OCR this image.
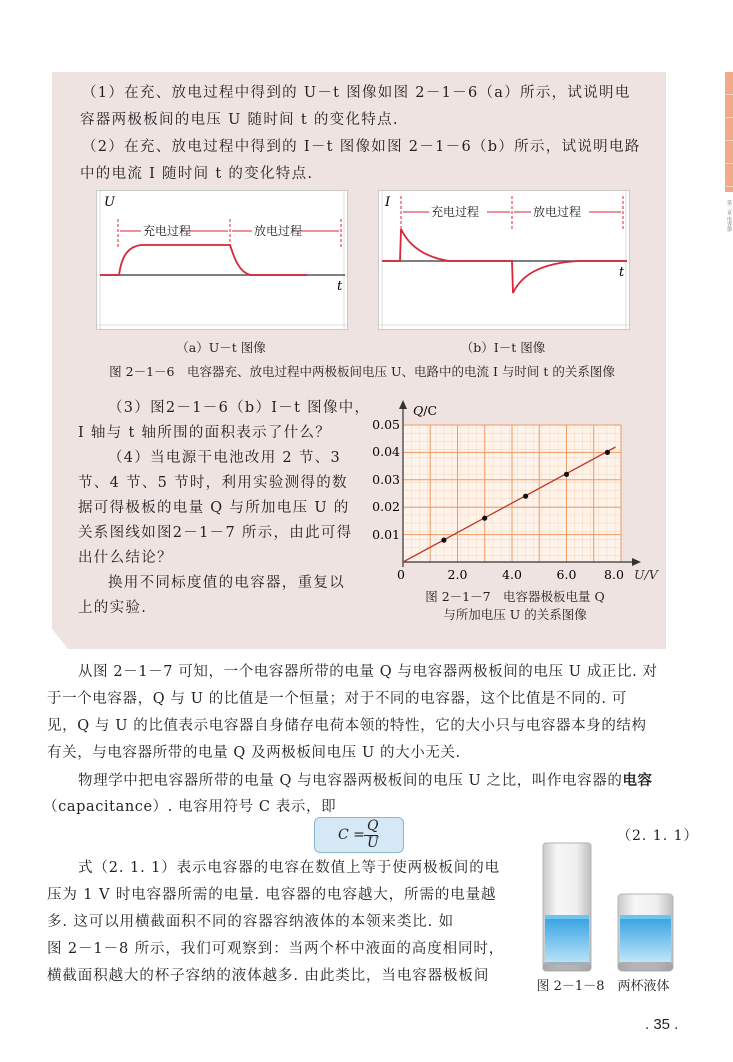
第二章 电容器
（1）在充、放电过程中得到的 U－t 图像如图 2－1－6（a）所示，试说明电
容器两极板间的电压 U 随时间 t 的变化特点.
（2）在充、放电过程中得到的 I－t 图像如图 2－1－6（b）所示，试说明电路
中的电流 I 随时间 t 的变化特点.
U
t
充电过程	放电过程
I
t
充电过程	放电过程
（a）U－t 图像	（b）I－t 图像
图 2－1－6　电容器充、放电过程中两极板间电压 U、电路中的电流 I 与时间 t 的关系图像
（3）图2－1－6（b）I－t 图像中，
I 轴与 t 轴所围的面积表示了什么？
（4）当电源干电池改用 2 节、3
节、4 节、5 节时，利用实验测得的数
据可得极板的电量 Q 与所加电压 U 的
关系图线如图2－1－7 所示，由此可得
出什么结论？
换用不同标度值的电容器，重复以
上的实验.
Q/C
0.05
0.04
0.03
0.02
0.01
0	2.0	4.0	6.0 8.0 U/V
图 2－1－7　电容器极板电量 Q
与所加电压 U 的关系图像
从图 2－1－7 可知，一个电容器所带的电量 Q 与电容器两极板间的电压 U 成正比. 对
于一个电容器，Q 与 U 的比值是一个恒量；对于不同的电容器，这个比值是不同的. 可
见，Q 与 U 的比值表示电容器自身储存电荷本领的特性，它的大小只与电容器本身的结构
有关，与电容器所带的电量 Q 及两极板间电压 U 的大小无关.
物理学中把电容器所带的电量 Q 与电容器两极板间的电压 U 之比，叫作电容器的电容
（capacitance）. 电容用符号 C 表示，即
C =
Q
U	（2. 1. 1）
式（2. 1. 1）表示电容器的电容在数值上等于使两极板间的电
压为 1 V 时电容器所需的电量. 电容器的电容越大，所需的电量越
多. 这可以用横截面积不同的容器容纳液体的本领来类比. 如
图 2－1－8 所示，我们可观察到：当两个杯中液面的高度相同时，
横截面积越大的杯子容纳的液体越多. 由此类比，当电容器极板间
图 2－1－8　两杯液体
. 35 .
